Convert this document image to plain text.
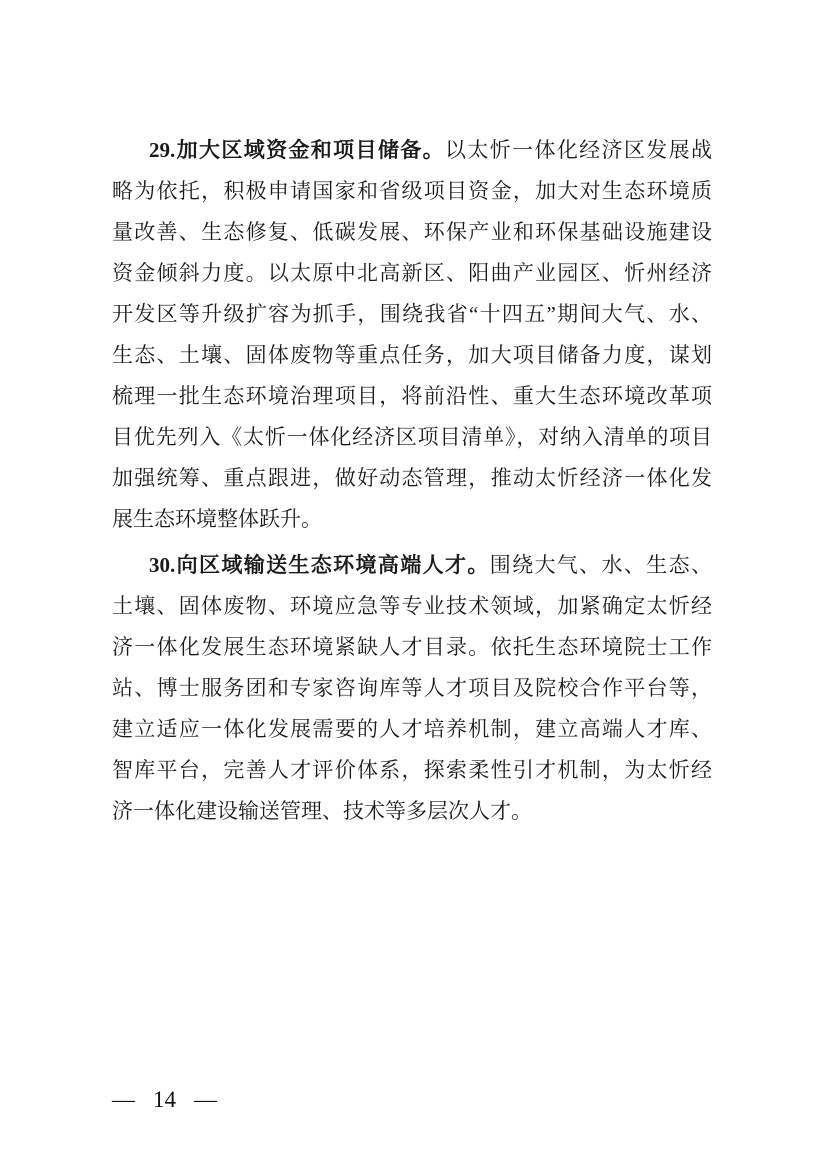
29.加大区域资金和项目储备。以太忻一体化经济区发展战
略为依托，积极申请国家和省级项目资金，加大对生态环境质
量改善、生态修复、低碳发展、环保产业和环保基础设施建设
资金倾斜力度。以太原中北高新区、阳曲产业园区、忻州经济
开发区等升级扩容为抓手，围绕我省“十四五”期间大气、水、
生态、土壤、固体废物等重点任务，加大项目储备力度，谋划
梳理一批生态环境治理项目，将前沿性、重大生态环境改革项
目优先列入《太忻一体化经济区项目清单》，对纳入清单的项目
加强统筹、重点跟进，做好动态管理，推动太忻经济一体化发
展生态环境整体跃升。
30.向区域输送生态环境高端人才。围绕大气、水、生态、
土壤、固体废物、环境应急等专业技术领域，加紧确定太忻经
济一体化发展生态环境紧缺人才目录。依托生态环境院士工作
站、博士服务团和专家咨询库等人才项目及院校合作平台等，
建立适应一体化发展需要的人才培养机制，建立高端人才库、
智库平台，完善人才评价体系，探索柔性引才机制，为太忻经
济一体化建设输送管理、技术等多层次人才。
— 14 —
